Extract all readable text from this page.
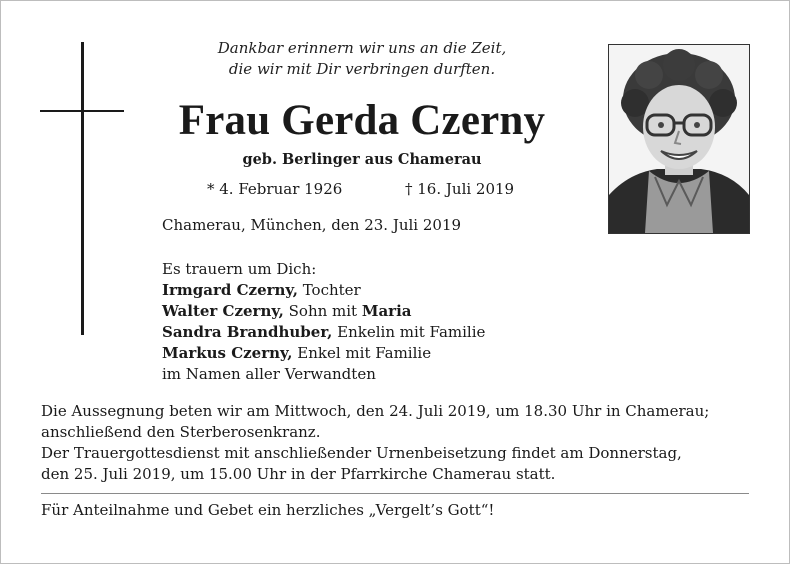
Dankbar erinnern wir uns an die Zeit,
die wir mit Dir verbringen durften.
Frau Gerda Czerny
geb. Berlinger aus Chamerau
* 4. Februar 1926	† 16. Juli 2019
Chamerau, München, den 23. Juli 2019
Es trauern um Dich:
Irmgard Czerny, Tochter
Walter Czerny, Sohn mit Maria
Sandra Brandhuber, Enkelin mit Familie
Markus Czerny, Enkel mit Familie
im Namen aller Verwandten
Die Aussegnung beten wir am Mittwoch, den 24. Juli 2019, um 18.30 Uhr in Chamerau;
anschließend den Sterberosenkranz.
Der Trauergottesdienst mit anschließender Urnenbeisetzung findet am Donnerstag,
den 25. Juli 2019, um 15.00 Uhr in der Pfarrkirche Chamerau statt.
Für Anteilnahme und Gebet ein herzliches „Vergelt’s Gott“!
